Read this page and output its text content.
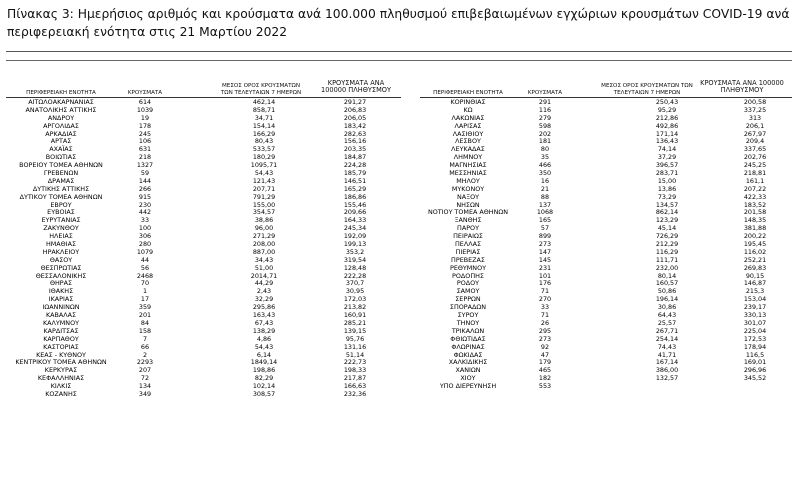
Πίνακας 3: Ημερήσιος αριθμός και κρούσματα ανά 100.000 πληθυσμού επιβεβαιωμένων εγχώριων κρουσμάτων COVID-19 ανά περιφερειακή ενότητα στις 21 Μαρτίου 2022
ΠΕΡΙΦΕΡΕΙΑΚΗ ΕΝΟΤΗΤΑ	ΚΡΟΥΣΜΑΤΑ
ΜΕΣΟΣ ΟΡΟΣ ΚΡΟΥΣΜΑΤΩΝ ΤΩΝ ΤΕΛΕΥΤΑΙΩΝ 7 ΗΜΕΡΩΝ
ΚΡΟΥΣΜΑΤΑ ΑΝΑ 100000 ΠΛΗΘΥΣΜΟΥ	ΠΕΡΙΦΕΡΕΙΑΚΗ ΕΝΟΤΗΤΑ	ΚΡΟΥΣΜΑΤΑ
ΜΕΣΟΣ ΟΡΟΣ ΚΡΟΥΣΜΑΤΩΝ ΤΩΝ ΤΕΛΕΥΤΑΙΩΝ 7 ΗΜΕΡΩΝ
ΚΡΟΥΣΜΑΤΑ ΑΝΑ 100000 ΠΛΗΘΥΣΜΟΥ
ΑΙΤΩΛΟΑΚΑΡΝΑΝΙΑΣ	614	462,14	291,27
ΑΝΑΤΟΛΙΚΗΣ ΑΤΤΙΚΗΣ	1039	858,71	206,83
ΑΝΔΡΟΥ	19	34,71	206,05
ΑΡΓΟΛΙΔΑΣ	178	154,14	183,42
ΑΡΚΑΔΙΑΣ	245	166,29	282,63
ΑΡΤΑΣ	106	80,43	156,16
ΑΧΑΪΑΣ	631	533,57	203,35
ΒΟΙΩΤΙΑΣ	218	180,29	184,87
ΒΟΡΕΙΟΥ ΤΟΜΕΑ ΑΘΗΝΩΝ	1327	1095,71	224,28
ΓΡΕΒΕΝΩΝ	59	54,43	185,79
ΔΡΑΜΑΣ	144	121,43	146,51
ΔΥΤΙΚΗΣ ΑΤΤΙΚΗΣ	266	207,71	165,29
ΔΥΤΙΚΟΥ ΤΟΜΕΑ ΑΘΗΝΩΝ	915	791,29	186,86
ΕΒΡΟΥ	230	155,00	155,46
ΕΥΒΟΙΑΣ	442	354,57	209,66
ΕΥΡΥΤΑΝΙΑΣ	33	38,86	164,33
ΖΑΚΥΝΘΟΥ	100	96,00	245,34
ΗΛΕΙΑΣ	306	271,29	192,09
ΗΜΑΘΙΑΣ	280	208,00	199,13
ΗΡΑΚΛΕΙΟΥ	1079	887,00	353,2
ΘΑΣΟΥ	44	34,43	319,54
ΘΕΣΠΡΩΤΙΑΣ	56	51,00	128,48
ΘΕΣΣΑΛΟΝΙΚΗΣ	2468	2014,71	222,28
ΘΗΡΑΣ	70	44,29	370,7
ΙΘΑΚΗΣ	1	2,43	30,95
ΙΚΑΡΙΑΣ	17	32,29	172,03
ΙΩΑΝΝΙΝΩΝ	359	295,86	213,82
ΚΑΒΑΛΑΣ	201	163,43	160,91
ΚΑΛΥΜΝΟΥ	84	67,43	285,21
ΚΑΡΔΙΤΣΑΣ	158	138,29	139,15
ΚΑΡΠΑΘΟΥ	7	4,86	95,76
ΚΑΣΤΟΡΙΑΣ	66	54,43	131,16
ΚΕΑΣ - ΚΥΘΝΟΥ	2	6,14	51,14
ΚΕΝΤΡΙΚΟΥ ΤΟΜΕΑ ΑΘΗΝΩΝ	2293	1849,14	222,73
ΚΕΡΚΥΡΑΣ	207	198,86	198,33
ΚΕΦΑΛΛΗΝΙΑΣ	72	82,29	217,87
ΚΙΛΚΙΣ	134	102,14	166,63
ΚΟΖΑΝΗΣ	349	308,57	232,36
ΚΟΡΙΝΘΙΑΣ	291	250,43	200,58
ΚΩ	116	95,29	337,25
ΛΑΚΩΝΙΑΣ	279	212,86	313
ΛΑΡΙΣΑΣ	598	492,86	206,1
ΛΑΣΙΘΙΟΥ	202	171,14	267,97
ΛΕΣΒΟΥ	181	136,43	209,4
ΛΕΥΚΑΔΑΣ	80	74,14	337,65
ΛΗΜΝΟΥ	35	37,29	202,76
ΜΑΓΝΗΣΙΑΣ	466	396,57	245,25
ΜΕΣΣΗΝΙΑΣ	350	283,71	218,81
ΜΗΛΟΥ	16	15,00	161,1
ΜΥΚΟΝΟΥ	21	13,86	207,22
ΝΑΞΟΥ	88	73,29	422,33
ΝΗΣΩΝ	137	134,57	183,52
ΝΟΤΙΟΥ ΤΟΜΕΑ ΑΘΗΝΩΝ	1068	862,14	201,58
ΞΑΝΘΗΣ	165	123,29	148,35
ΠΑΡΟΥ	57	45,14	381,88
ΠΕΙΡΑΙΩΣ	899	726,29	200,22
ΠΕΛΛΑΣ	273	212,29	195,45
ΠΙΕΡΙΑΣ	147	116,29	116,02
ΠΡΕΒΕΖΑΣ	145	111,71	252,21
ΡΕΘΥΜΝΟΥ	231	232,00	269,83
ΡΟΔΟΠΗΣ	101	80,14	90,15
ΡΟΔΟΥ	176	160,57	146,87
ΣΑΜΟΥ	71	50,86	215,3
ΣΕΡΡΩΝ	270	196,14	153,04
ΣΠΟΡΑΔΩΝ	33	30,86	239,17
ΣΥΡΟΥ	71	64,43	330,13
ΤΗΝΟΥ	26	25,57	301,07
ΤΡΙΚΑΛΩΝ	295	267,71	225,04
ΦΘΙΩΤΙΔΑΣ	273	254,14	172,53
ΦΛΩΡΙΝΑΣ	92	74,43	178,94
ΦΩΚΙΔΑΣ	47	41,71	116,5
ΧΑΛΚΙΔΙΚΗΣ	179	167,14	169,01
ΧΑΝΙΩΝ	465	386,00	296,96
ΧΙΟΥ	182	132,57	345,52
ΥΠΟ ΔΙΕΡΕΥΝΗΣΗ	553
